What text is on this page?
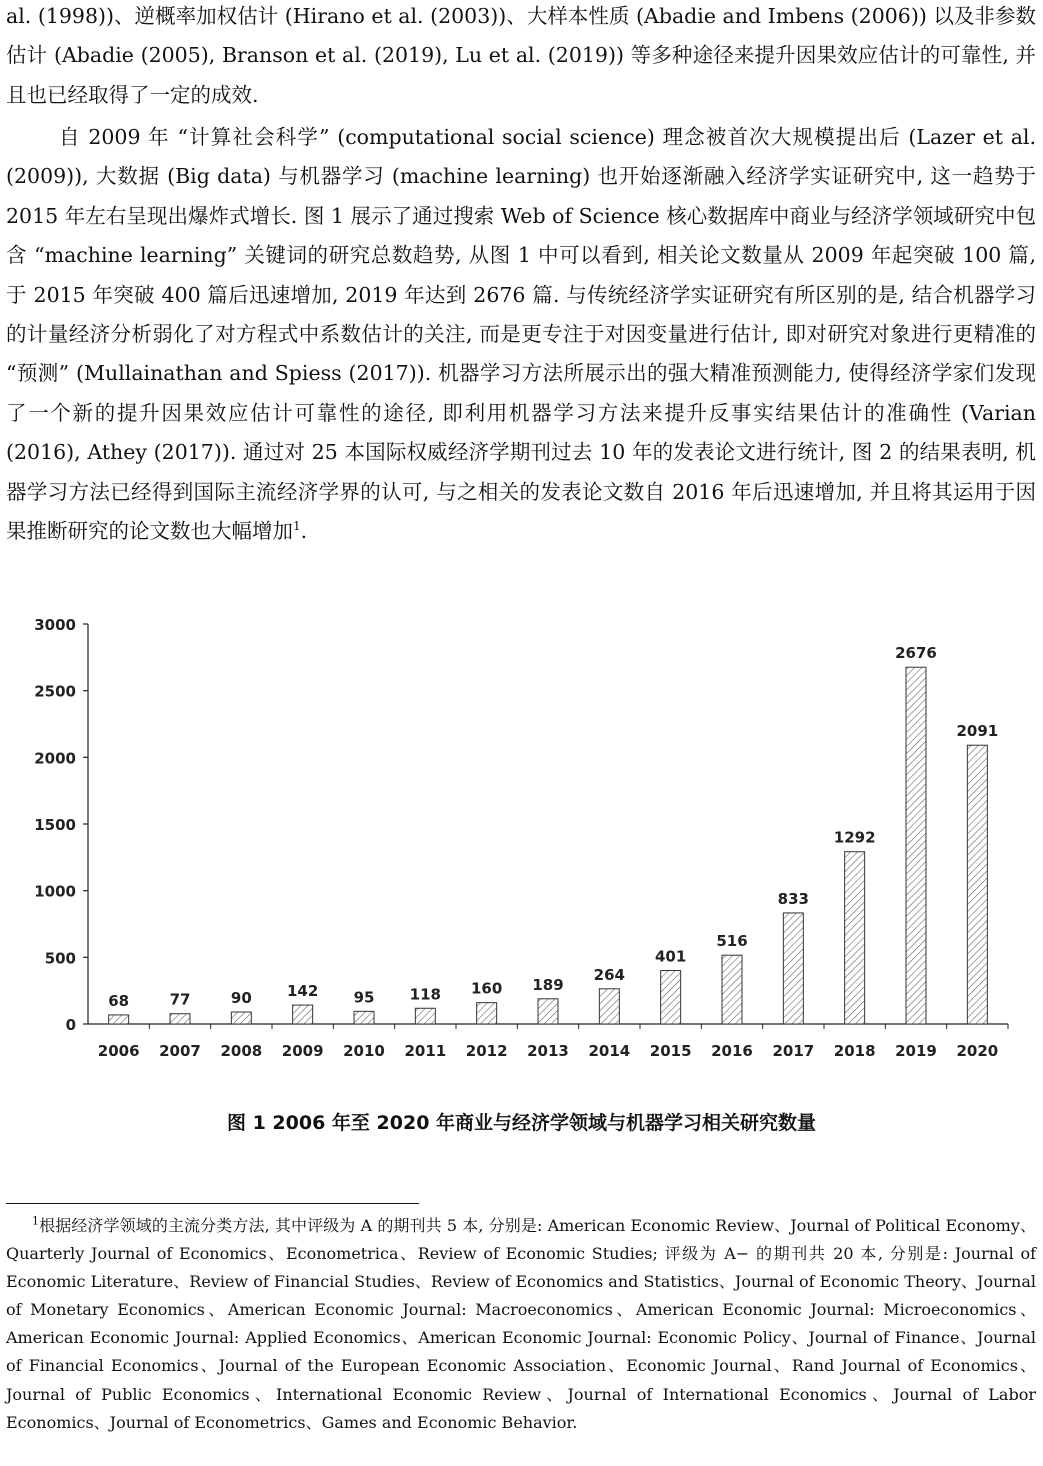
al. (1998))、逆概率加权估计 (Hirano et al. (2003))、大样本性质 (Abadie and Imbens (2006)) 以及非参数估计 (Abadie (2005), Branson et al. (2019), Lu et al. (2019)) 等多种途径来提升因果效应估计的可靠性, 并且也已经取得了一定的成效.

自 2009 年 “计算社会科学” (computational social science) 理念被首次大规模提出后 (Lazer et al. (2009)), 大数据 (Big data) 与机器学习 (machine learning) 也开始逐渐融入经济学实证研究中, 这一趋势于 2015 年左右呈现出爆炸式增长. 图 1 展示了通过搜索 Web of Science 核心数据库中商业与经济学领域研究中包含 “machine learning” 关键词的研究总数趋势, 从图 1 中可以看到, 相关论文数量从 2009 年起突破 100 篇, 于 2015 年突破 400 篇后迅速增加, 2019 年达到 2676 篇. 与传统经济学实证研究有所区别的是, 结合机器学习的计量经济分析弱化了对方程式中系数估计的关注, 而是更专注于对因变量进行估计, 即对研究对象进行更精准的 “预测” (Mullainathan and Spiess (2017)). 机器学习方法所展示出的强大精准预测能力, 使得经济学家们发现了一个新的提升因果效应估计可靠性的途径, 即利用机器学习方法来提升反事实结果估计的准确性 (Varian (2016), Athey (2017)). 通过对 25 本国际权威经济学期刊过去 10 年的发表论文进行统计, 图 2 的结果表明, 机器学习方法已经得到国际主流经济学界的认可, 与之相关的发表论文数自 2016 年后迅速增加, 并且将其运用于因果推断研究的论文数也大幅增加$^1$.

0
500
1000
1500
2000
2500
3000
68
2006
77
2007
90
2008
142
2009
95
2010
118
2011
160
2012
189
2013
264
2014
401
2015
516
2016
833
2017
1292
2018
2676
2019
2091
2020

图 1 2006 年至 2020 年商业与经济学领域与机器学习相关研究数量

$^1$根据经济学领域的主流分类方法, 其中评级为 A 的期刊共 5 本, 分别是: American Economic Review、Journal of Political Economy、Quarterly Journal of Economics、Econometrica、Review of Economic Studies; 评级为 A− 的期刊共 20 本, 分别是: Journal of Economic Literature、Review of Financial Studies、Review of Economics and Statistics、Journal of Economic Theory、Journal of Monetary Economics、American Economic Journal: Macroeconomics、American Economic Journal: Microeconomics、American Economic Journal: Applied Economics、American Economic Journal: Economic Policy、Journal of Finance、Journal of Financial Economics、Journal of the European Economic Association、Economic Journal、Rand Journal of Economics、Journal of Public Economics、International Economic Review、Journal of International Economics、Journal of Labor Economics、Journal of Econometrics、Games and Economic Behavior.
